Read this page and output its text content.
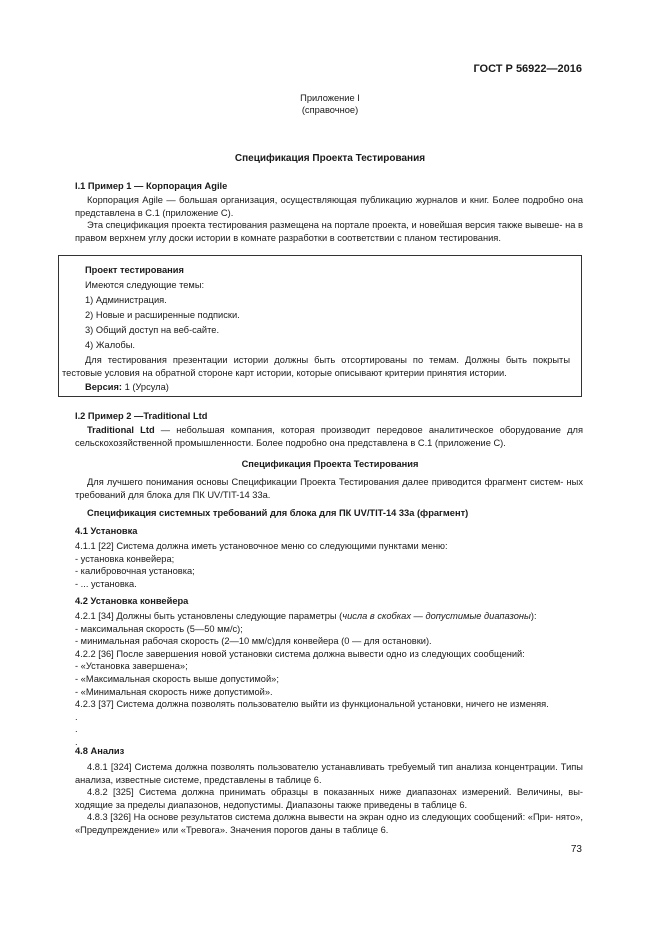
ГОСТ Р 56922—2016
Приложение I
(справочное)
Спецификация Проекта Тестирования
I.1 Пример 1 — Корпорация Agile

Корпорация Agile — большая организация, осуществляющая публикацию журналов и книг. Более подробно она представлена в С.1 (приложение С).

Эта спецификация проекта тестирования размещена на портале проекта, и новейшая версия также вывеше- на в правом верхнем углу доски истории в комнате разработки в соответствии с планом тестирования.

Проект тестирования
Имеются следующие темы:
1) Администрация.
2) Новые и расширенные подписки.
3) Общий доступ на веб-сайте.
4) Жалобы.
Для тестирования презентации истории должны быть отсортированы по темам. Должны быть покрыты тестовые условия на обратной стороне карт истории, которые описывают критерии принятия истории.
Версия: 1 (Урсула)
I.2 Пример 2 —Traditional Ltd

Traditional Ltd — небольшая компания, которая производит передовое аналитическое оборудование для сельскохозяйственной промышленности. Более подробно она представлена в С.1 (приложение С).

Спецификация Проекта Тестирования

Для лучшего понимания основы Спецификации Проекта Тестирования далее приводится фрагмент систем- ных требований для блока для ПК UV/TIT-14 33а.

Спецификация системных требований для блока для ПК UV/TIT-14 33а (фрагмент)
4.1 Установка
4.1.1 [22] Система должна иметь установочное меню со следующими пунктами меню:
- установка конвейера;
- калибровочная установка;
- ... установка.
4.2 Установка конвейера
4.2.1 [34] Должны быть установлены следующие параметры (числа в скобках — допустимые диапазоны):
- максимальная скорость (5—50 мм/с);
- минимальная рабочая скорость (2—10 мм/с)для конвейера (0 — для остановки).
4.2.2 [36] После завершения новой установки система должна вывести одно из следующих сообщений:
- «Установка завершена»;
- «Максимальная скорость выше допустимой»;
- «Минимальная скорость ниже допустимой».
4.2.3 [37] Система должна позволять пользователю выйти из функциональной установки, ничего не изменяя.
.
.
.
4.8 Анализ

4.8.1 [324] Система должна позволять пользователю устанавливать требуемый тип анализа концентрации. Типы анализа, известные системе, представлены в таблице 6.

4.8.2 [325] Система должна принимать образцы в показанных ниже диапазонах измерений. Величины, вы- ходящие за пределы диапазонов, недопустимы. Диапазоны также приведены в таблице 6.

4.8.3 [326] На основе результатов система должна вывести на экран одно из следующих сообщений: «При- нято», «Предупреждение» или «Тревога». Значения порогов даны в таблице 6.

73
